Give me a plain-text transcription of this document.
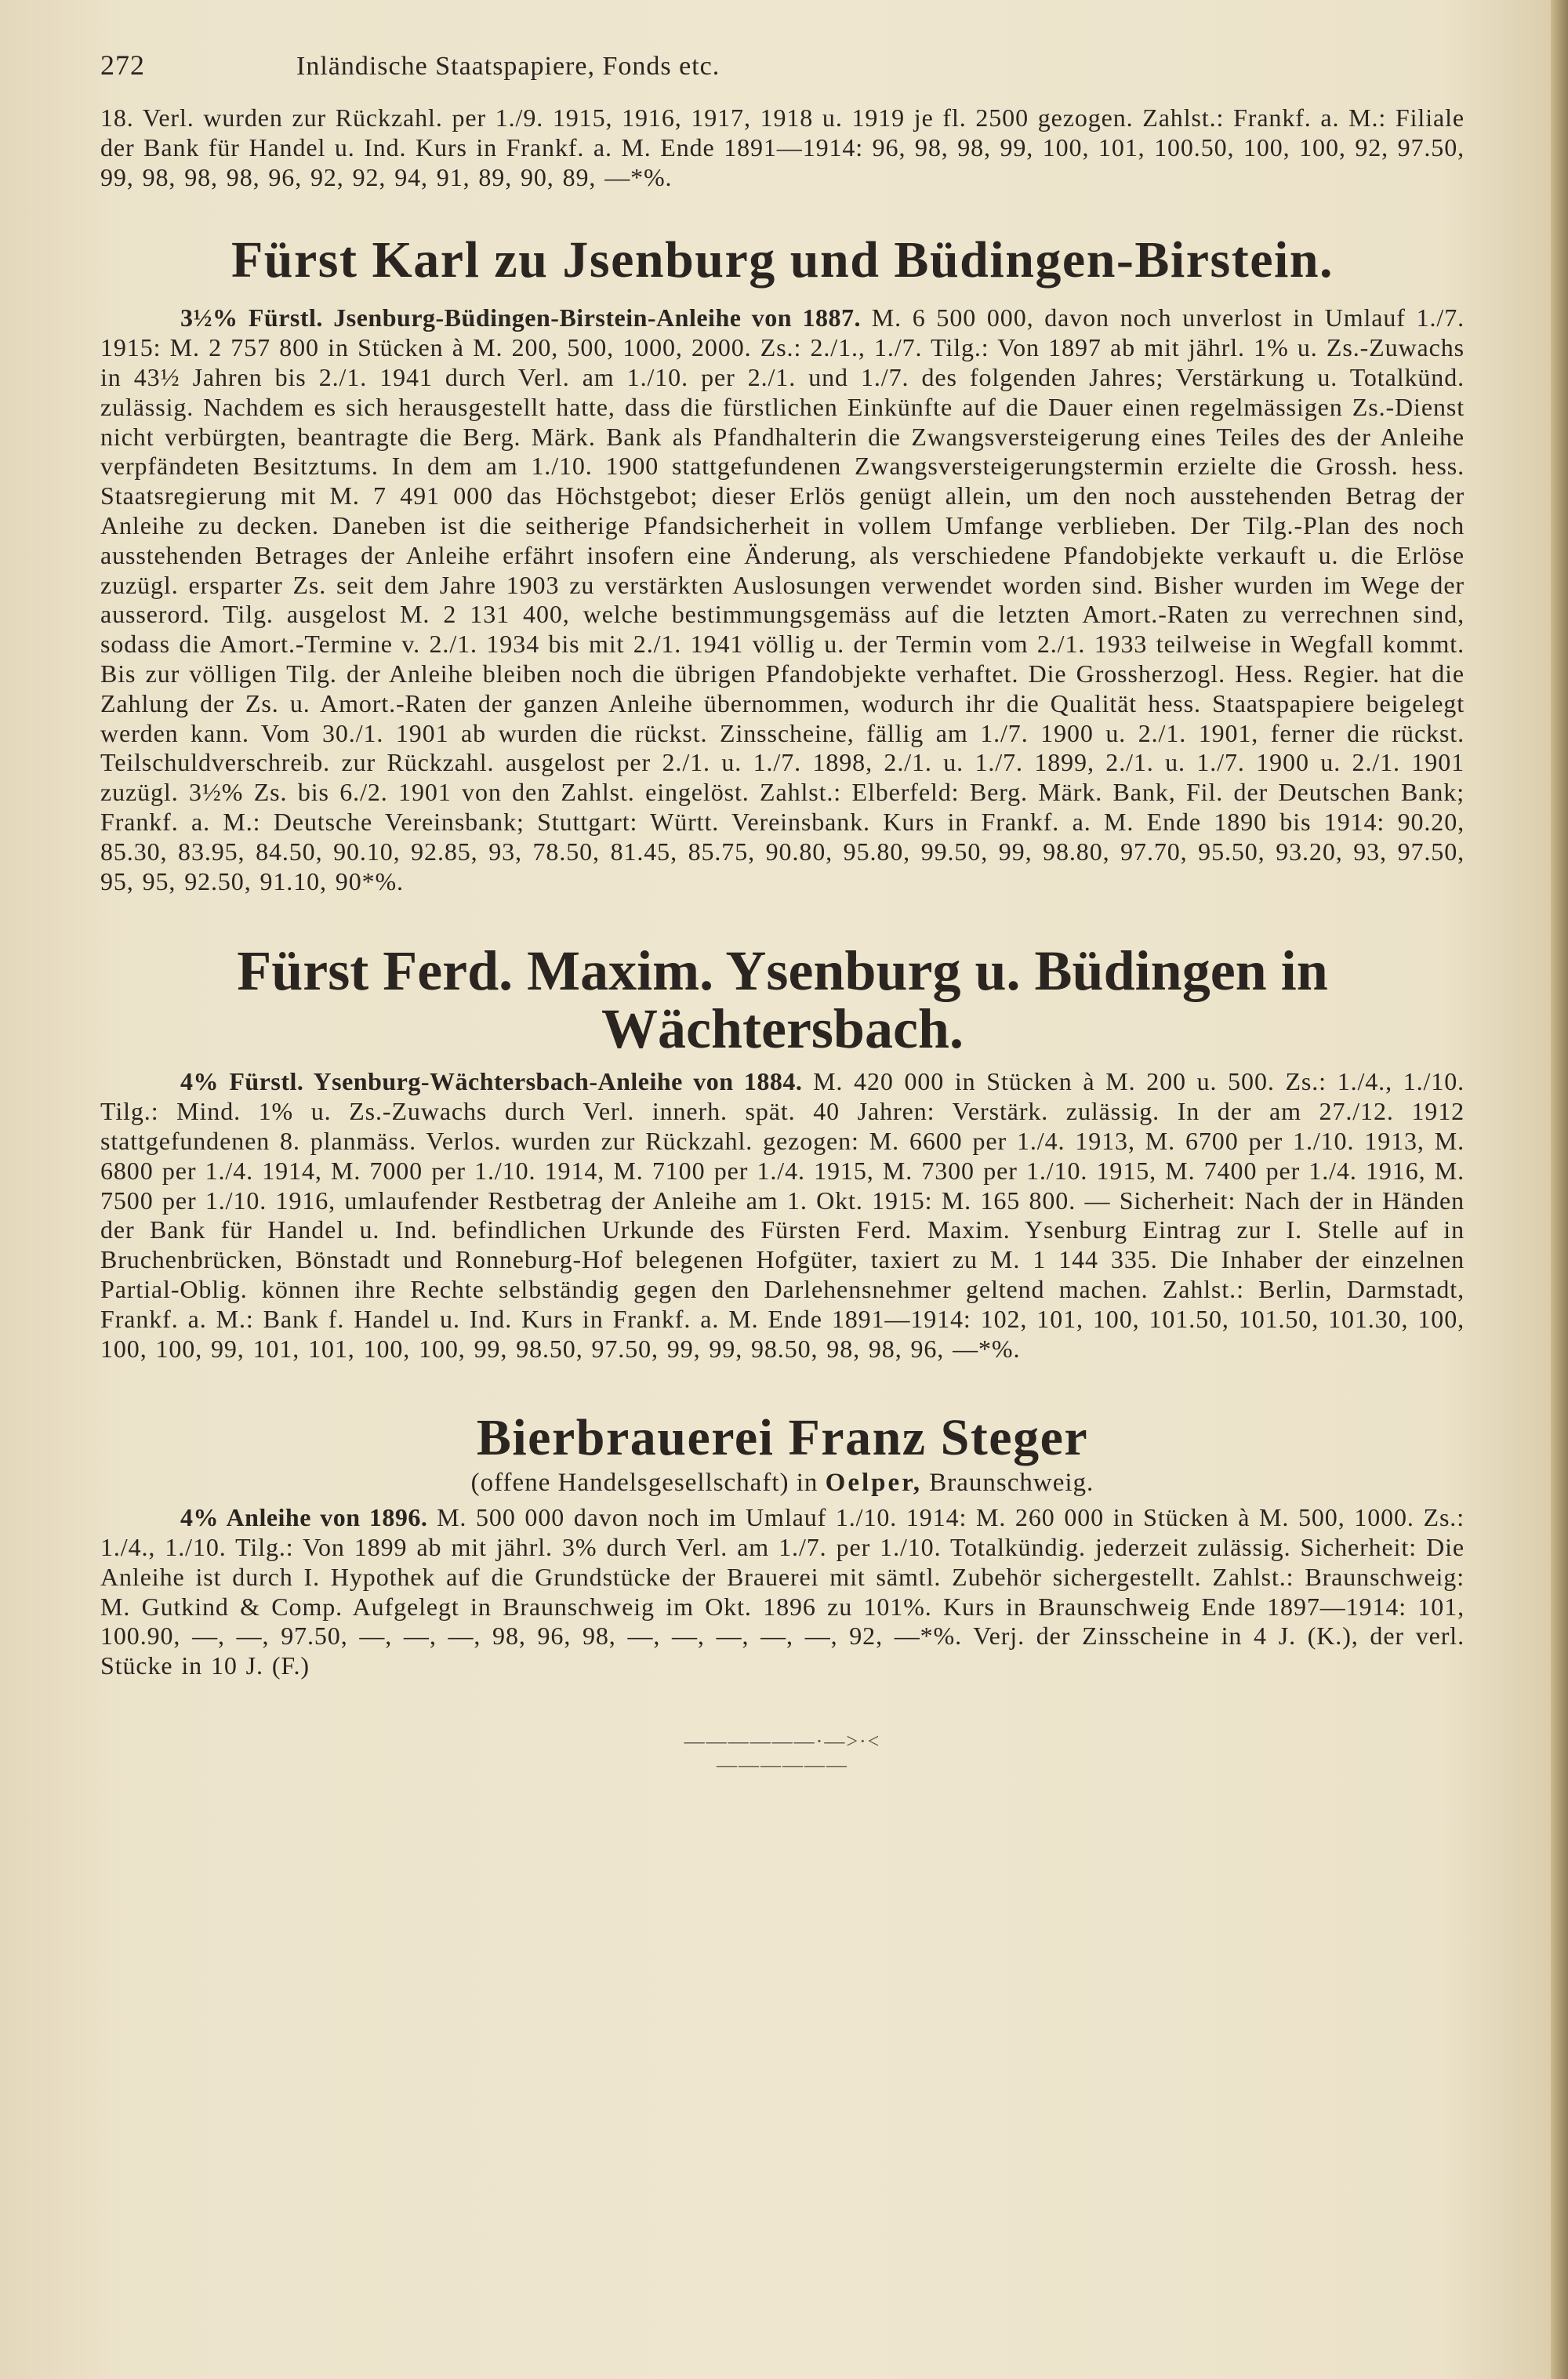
272	Inländische Staatspapiere, Fonds etc.

18. Verl. wurden zur Rückzahl. per 1./9. 1915, 1916, 1917, 1918 u. 1919 je fl. 2500 gezogen. Zahlst.: Frankf. a. M.: Filiale der Bank für Handel u. Ind. Kurs in Frankf. a. M. Ende 1891—1914: 96, 98, 98, 99, 100, 101, 100.50, 100, 100, 92, 97.50, 99, 98, 98, 98, 96, 92, 92, 94, 91, 89, 90, 89, —*%.

Fürst Karl zu Jsenburg und Büdingen-Birstein.

3½% Fürstl. Jsenburg-Büdingen-Birstein-Anleihe von 1887. M. 6 500 000, davon noch unverlost in Umlauf 1./7. 1915: M. 2 757 800 in Stücken à M. 200, 500, 1000, 2000. Zs.: 2./1., 1./7. Tilg.: Von 1897 ab mit jährl. 1% u. Zs.-Zuwachs in 43½ Jahren bis 2./1. 1941 durch Verl. am 1./10. per 2./1. und 1./7. des folgenden Jahres; Verstärkung u. Totalkünd. zulässig. Nachdem es sich herausgestellt hatte, dass die fürstlichen Einkünfte auf die Dauer einen regelmässigen Zs.-Dienst nicht verbürgten, beantragte die Berg. Märk. Bank als Pfandhalterin die Zwangsversteigerung eines Teiles des der Anleihe verpfändeten Besitztums. In dem am 1./10. 1900 stattgefundenen Zwangsversteigerungstermin erzielte die Grossh. hess. Staatsregierung mit M. 7 491 000 das Höchstgebot; dieser Erlös genügt allein, um den noch ausstehenden Betrag der Anleihe zu decken. Daneben ist die seitherige Pfandsicherheit in vollem Umfange verblieben. Der Tilg.-Plan des noch ausstehenden Betrages der Anleihe erfährt insofern eine Änderung, als verschiedene Pfandobjekte verkauft u. die Erlöse zuzügl. ersparter Zs. seit dem Jahre 1903 zu verstärkten Auslosungen verwendet worden sind. Bisher wurden im Wege der ausserord. Tilg. ausgelost M. 2 131 400, welche bestimmungsgemäss auf die letzten Amort.-Raten zu verrechnen sind, sodass die Amort.-Termine v. 2./1. 1934 bis mit 2./1. 1941 völlig u. der Termin vom 2./1. 1933 teilweise in Wegfall kommt. Bis zur völligen Tilg. der Anleihe bleiben noch die übrigen Pfandobjekte verhaftet. Die Grossherzogl. Hess. Regier. hat die Zahlung der Zs. u. Amort.-Raten der ganzen Anleihe übernommen, wodurch ihr die Qualität hess. Staatspapiere beigelegt werden kann. Vom 30./1. 1901 ab wurden die rückst. Zinsscheine, fällig am 1./7. 1900 u. 2./1. 1901, ferner die rückst. Teilschuldverschreib. zur Rückzahl. ausgelost per 2./1. u. 1./7. 1898, 2./1. u. 1./7. 1899, 2./1. u. 1./7. 1900 u. 2./1. 1901 zuzügl. 3½% Zs. bis 6./2. 1901 von den Zahlst. eingelöst. Zahlst.: Elberfeld: Berg. Märk. Bank, Fil. der Deutschen Bank; Frankf. a. M.: Deutsche Vereinsbank; Stuttgart: Württ. Vereinsbank. Kurs in Frankf. a. M. Ende 1890 bis 1914: 90.20, 85.30, 83.95, 84.50, 90.10, 92.85, 93, 78.50, 81.45, 85.75, 90.80, 95.80, 99.50, 99, 98.80, 97.70, 95.50, 93.20, 93, 97.50, 95, 95, 92.50, 91.10, 90*%.

Fürst Ferd. Maxim. Ysenburg u. Büdingen in Wächtersbach.

4% Fürstl. Ysenburg-Wächtersbach-Anleihe von 1884. M. 420 000 in Stücken à M. 200 u. 500. Zs.: 1./4., 1./10. Tilg.: Mind. 1% u. Zs.-Zuwachs durch Verl. innerh. spät. 40 Jahren: Verstärk. zulässig. In der am 27./12. 1912 stattgefundenen 8. planmäss. Verlos. wurden zur Rückzahl. gezogen: M. 6600 per 1./4. 1913, M. 6700 per 1./10. 1913, M. 6800 per 1./4. 1914, M. 7000 per 1./10. 1914, M. 7100 per 1./4. 1915, M. 7300 per 1./10. 1915, M. 7400 per 1./4. 1916, M. 7500 per 1./10. 1916, umlaufender Restbetrag der Anleihe am 1. Okt. 1915: M. 165 800. — Sicherheit: Nach der in Händen der Bank für Handel u. Ind. befindlichen Urkunde des Fürsten Ferd. Maxim. Ysenburg Eintrag zur I. Stelle auf in Bruchenbrücken, Bönstadt und Ronneburg-Hof belegenen Hofgüter, taxiert zu M. 1 144 335. Die Inhaber der einzelnen Partial-Oblig. können ihre Rechte selbständig gegen den Darlehensnehmer geltend machen. Zahlst.: Berlin, Darmstadt, Frankf. a. M.: Bank f. Handel u. Ind. Kurs in Frankf. a. M. Ende 1891—1914: 102, 101, 100, 101.50, 101.50, 101.30, 100, 100, 100, 99, 101, 101, 100, 100, 99, 98.50, 97.50, 99, 99, 98.50, 98, 98, 96, —*%.

Bierbrauerei Franz Steger

(offene Handelsgesellschaft) in Oelper, Braunschweig.

4% Anleihe von 1896. M. 500 000 davon noch im Umlauf 1./10. 1914: M. 260 000 in Stücken à M. 500, 1000. Zs.: 1./4., 1./10. Tilg.: Von 1899 ab mit jährl. 3% durch Verl. am 1./7. per 1./10. Totalkündig. jederzeit zulässig. Sicherheit: Die Anleihe ist durch I. Hypothek auf die Grundstücke der Brauerei mit sämtl. Zubehör sichergestellt. Zahlst.: Braunschweig: M. Gutkind & Comp. Aufgelegt in Braunschweig im Okt. 1896 zu 101%. Kurs in Braunschweig Ende 1897—1914: 101, 100.90, —, —, 97.50, —, —, —, 98, 96, 98, —, —, —, —, —, 92, —*%. Verj. der Zinsscheine in 4 J. (K.), der verl. Stücke in 10 J. (F.)

——————·—>·<——————
